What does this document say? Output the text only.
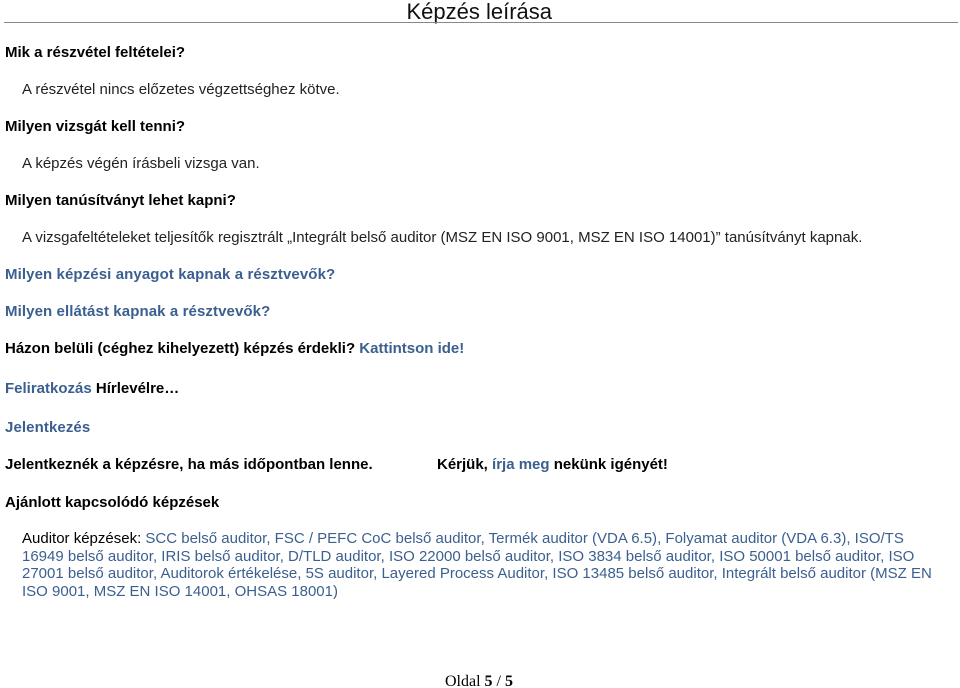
Képzés leírása
Mik a részvétel feltételei?
A részvétel nincs előzetes végzettséghez kötve.
Milyen vizsgát kell tenni?
A képzés végén írásbeli vizsga van.
Milyen tanúsítványt lehet kapni?
A vizsgafeltételeket teljesítők regisztrált „Integrált belső auditor (MSZ EN ISO 9001, MSZ EN ISO 14001)” tanúsítványt kapnak.
Milyen képzési anyagot kapnak a résztvevők?
Milyen ellátást kapnak a résztvevők?
Házon belüli (céghez kihelyezett) képzés érdekli? Kattintson ide!
Feliratkozás Hírlevélre…
Jelentkezés
Jelentkeznék a képzésre, ha más időpontban lenne.	Kérjük, írja meg nekünk igényét!
Ajánlott kapcsolódó képzések
Auditor képzések: SCC belső auditor, FSC / PEFC CoC belső auditor, Termék auditor (VDA 6.5), Folyamat auditor (VDA 6.3), ISO/TS 16949 belső auditor, IRIS belső auditor, D/TLD auditor, ISO 22000 belső auditor, ISO 3834 belső auditor, ISO 50001 belső auditor, ISO 27001 belső auditor, Auditorok értékelése, 5S auditor, Layered Process Auditor, ISO 13485 belső auditor, Integrált belső auditor (MSZ EN ISO 9001, MSZ EN ISO 14001, OHSAS 18001)
Oldal 5 / 5
